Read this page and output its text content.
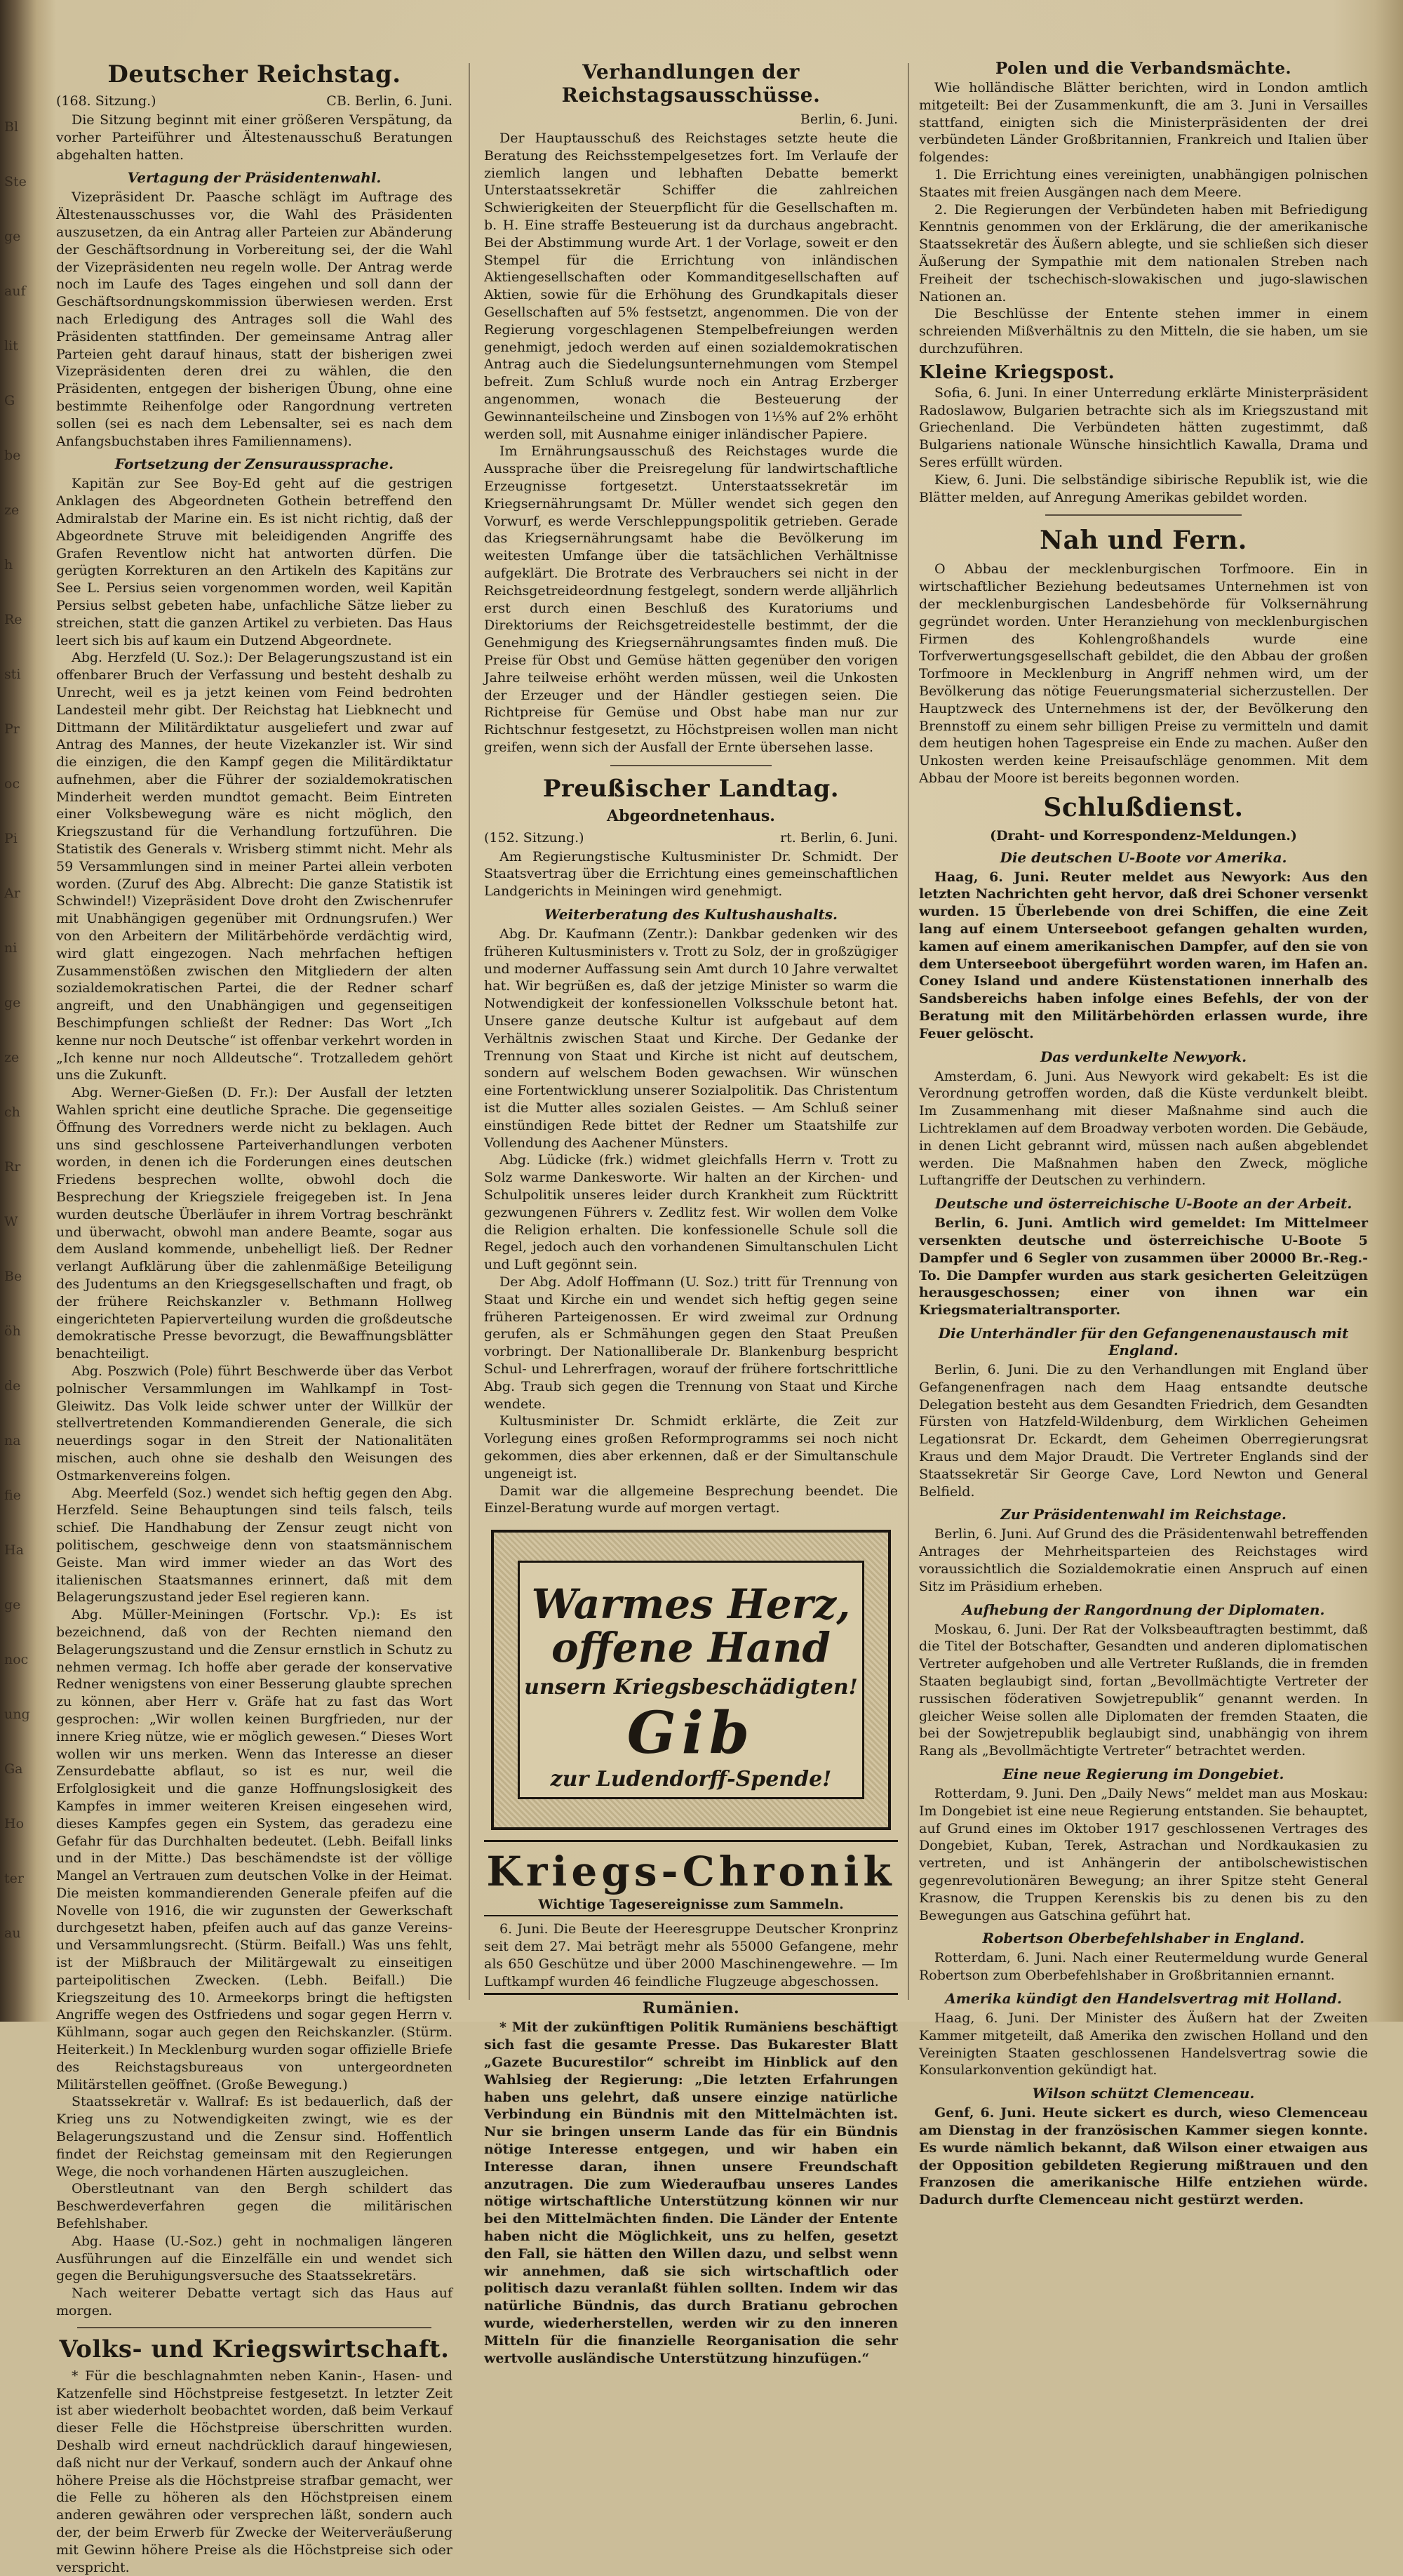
Bl
Ste
ge
auf
lit
G
be
ze
h
Re
sti
Pr
oc
Pi
Ar
ni
ge
ze
ch
Rr
W
Be
öh
de
na
fie
Ha
ge
noc
ung
Ga
Ho
ter
au
Deutscher Reichstag.
(168. Sitzung.)	CB. Berlin, 6. Juni.

Die Sitzung beginnt mit einer größeren Verspätung, da vorher Parteiführer und Ältestenausschuß Beratungen abgehalten hatten.

Vertagung der Präsidentenwahl.

Vizepräsident Dr. Paasche schlägt im Auftrage des Ältestenausschusses vor, die Wahl des Präsidenten auszusetzen, da ein Antrag aller Parteien zur Abänderung der Geschäftsordnung in Vorbereitung sei, der die Wahl der Vizepräsidenten neu regeln wolle. Der Antrag werde noch im Laufe des Tages eingehen und soll dann der Geschäftsordnungskommission überwiesen werden. Erst nach Erledigung des Antrages soll die Wahl des Präsidenten stattfinden. Der gemeinsame Antrag aller Parteien geht darauf hinaus, statt der bisherigen zwei Vizepräsidenten deren drei zu wählen, die den Präsidenten, entgegen der bisherigen Übung, ohne eine bestimmte Reihenfolge oder Rangordnung vertreten sollen (sei es nach dem Lebensalter, sei es nach dem Anfangsbuchstaben ihres Familiennamens).

Fortsetzung der Zensuraussprache.

Kapitän zur See Boy-Ed geht auf die gestrigen Anklagen des Abgeordneten Gothein betreffend den Admiralstab der Marine ein. Es ist nicht richtig, daß der Abgeordnete Struve mit beleidigenden Angriffe des Grafen Reventlow nicht hat antworten dürfen. Die gerügten Korrekturen an den Artikeln des Kapitäns zur See L. Persius seien vorgenommen worden, weil Kapitän Persius selbst gebeten habe, unfachliche Sätze lieber zu streichen, statt die ganzen Artikel zu verbieten. Das Haus leert sich bis auf kaum ein Dutzend Abgeordnete.

Abg. Herzfeld (U. Soz.): Der Belagerungszustand ist ein offenbarer Bruch der Verfassung und besteht deshalb zu Unrecht, weil es ja jetzt keinen vom Feind bedrohten Landesteil mehr gibt. Der Reichstag hat Liebknecht und Dittmann der Militärdiktatur ausgeliefert und zwar auf Antrag des Mannes, der heute Vizekanzler ist. Wir sind die einzigen, die den Kampf gegen die Militärdiktatur aufnehmen, aber die Führer der sozialdemokratischen Minderheit werden mundtot gemacht. Beim Eintreten einer Volksbewegung wäre es nicht möglich, den Kriegszustand für die Verhandlung fortzuführen. Die Statistik des Generals v. Wrisberg stimmt nicht. Mehr als 59 Versammlungen sind in meiner Partei allein verboten worden. (Zuruf des Abg. Albrecht: Die ganze Statistik ist Schwindel!) Vizepräsident Dove droht den Zwischenrufer mit Unabhängigen gegenüber mit Ordnungsrufen.) Wer von den Arbeitern der Militärbehörde verdächtig wird, wird glatt eingezogen. Nach mehrfachen heftigen Zusammenstößen zwischen den Mitgliedern der alten sozialdemokratischen Partei, die der Redner scharf angreift, und den Unabhängigen und gegenseitigen Beschimpfungen schließt der Redner: Das Wort „Ich kenne nur noch Deutsche“ ist offenbar verkehrt worden in „Ich kenne nur noch Alldeutsche“. Trotzalledem gehört uns die Zukunft.

Abg. Werner-Gießen (D. Fr.): Der Ausfall der letzten Wahlen spricht eine deutliche Sprache. Die gegenseitige Öffnung des Vorredners werde nicht zu beklagen. Auch uns sind geschlossene Parteiverhandlungen verboten worden, in denen ich die Forderungen eines deutschen Friedens besprechen wollte, obwohl doch die Besprechung der Kriegsziele freigegeben ist. In Jena wurden deutsche Überläufer in ihrem Vortrag beschränkt und überwacht, obwohl man andere Beamte, sogar aus dem Ausland kommende, unbehelligt ließ. Der Redner verlangt Aufklärung über die zahlenmäßige Beteiligung des Judentums an den Kriegsgesellschaften und fragt, ob der frühere Reichskanzler v. Bethmann Hollweg eingerichteten Papierverteilung wurden die großdeutsche demokratische Presse bevorzugt, die Bewaffnungsblätter benachteiligt.

Abg. Poszwich (Pole) führt Beschwerde über das Verbot polnischer Versammlungen im Wahlkampf in Tost-Gleiwitz. Das Volk leide schwer unter der Willkür der stellvertretenden Kommandierenden Generale, die sich neuerdings sogar in den Streit der Nationalitäten mischen, auch ohne sie deshalb den Weisungen des Ostmarkenvereins folgen.

Abg. Meerfeld (Soz.) wendet sich heftig gegen den Abg. Herzfeld. Seine Behauptungen sind teils falsch, teils schief. Die Handhabung der Zensur zeugt nicht von politischem, geschweige denn von staatsmännischem Geiste. Man wird immer wieder an das Wort des italienischen Staatsmannes erinnert, daß mit dem Belagerungszustand jeder Esel regieren kann.

Abg. Müller-Meiningen (Fortschr. Vp.): Es ist bezeichnend, daß von der Rechten niemand den Belagerungszustand und die Zensur ernstlich in Schutz zu nehmen vermag. Ich hoffe aber gerade der konservative Redner wenigstens von einer Besserung glaubte sprechen zu können, aber Herr v. Gräfe hat zu fast das Wort gesprochen: „Wir wollen keinen Burgfrieden, nur der innere Krieg nütze, wie er möglich gewesen.“ Dieses Wort wollen wir uns merken. Wenn das Interesse an dieser Zensurdebatte abflaut, so ist es nur, weil die Erfolglosigkeit und die ganze Hoffnungslosigkeit des Kampfes in immer weiteren Kreisen eingesehen wird, dieses Kampfes gegen ein System, das geradezu eine Gefahr für das Durchhalten bedeutet. (Lebh. Beifall links und in der Mitte.) Das beschämendste ist der völlige Mangel an Vertrauen zum deutschen Volke in der Heimat. Die meisten kommandierenden Generale pfeifen auf die Novelle von 1916, die wir zugunsten der Gewerkschaft durchgesetzt haben, pfeifen auch auf das ganze Vereins- und Versammlungsrecht. (Stürm. Beifall.) Was uns fehlt, ist der Mißbrauch der Militärgewalt zu einseitigen parteipolitischen Zwecken. (Lebh. Beifall.) Die Kriegszeitung des 10. Armeekorps bringt die heftigsten Angriffe wegen des Ostfriedens und sogar gegen Herrn v. Kühlmann, sogar auch gegen den Reichskanzler. (Stürm. Heiterkeit.) In Mecklenburg wurden sogar offizielle Briefe des Reichstagsbureaus von untergeordneten Militärstellen geöffnet. (Große Bewegung.)

Staatssekretär v. Wallraf: Es ist bedauerlich, daß der Krieg uns zu Notwendigkeiten zwingt, wie es der Belagerungszustand und die Zensur sind. Hoffentlich findet der Reichstag gemeinsam mit den Regierungen Wege, die noch vorhandenen Härten auszugleichen.

Oberstleutnant van den Bergh schildert das Beschwerdeverfahren gegen die militärischen Befehlshaber.

Abg. Haase (U.-Soz.) geht in nochmaligen längeren Ausführungen auf die Einzelfälle ein und wendet sich gegen die Beruhigungsversuche des Staatssekretärs.

Nach weiterer Debatte vertagt sich das Haus auf morgen.

Volks- und Kriegswirtschaft.

* Für die beschlagnahmten neben Kanin-, Hasen- und Katzenfelle sind Höchstpreise festgesetzt. In letzter Zeit ist aber wiederholt beobachtet worden, daß beim Verkauf dieser Felle die Höchstpreise überschritten wurden. Deshalb wird erneut nachdrücklich darauf hingewiesen, daß nicht nur der Verkauf, sondern auch der Ankauf ohne höhere Preise als die Höchstpreise strafbar gemacht, wer die Felle zu höheren als den Höchstpreisen einem anderen gewähren oder versprechen läßt, sondern auch der, der beim Erwerb für Zwecke der Weiterveräußerung mit Gewinn höhere Preise als die Höchstpreise sich oder verspricht.

Verhandlungen der Reichstagsausschüsse.
Berlin, 6. Juni.

Der Hauptausschuß des Reichstages setzte heute die Beratung des Reichsstempelgesetzes fort. Im Verlaufe der ziemlich langen und lebhaften Debatte bemerkt Unterstaatssekretär Schiffer die zahlreichen Schwierigkeiten der Steuerpflicht für die Gesellschaften m. b. H. Eine straffe Besteuerung ist da durchaus angebracht. Bei der Abstimmung wurde Art. 1 der Vorlage, soweit er den Stempel für die Errichtung von inländischen Aktiengesellschaften oder Kommanditgesellschaften auf Aktien, sowie für die Erhöhung des Grundkapitals dieser Gesellschaften auf 5% festsetzt, angenommen. Die von der Regierung vorgeschlagenen Stempelbefreiungen werden genehmigt, jedoch werden auf einen sozialdemokratischen Antrag auch die Siedelungsunternehmungen vom Stempel befreit. Zum Schluß wurde noch ein Antrag Erzberger angenommen, wonach die Besteuerung der Gewinnanteilscheine und Zinsbogen von 1⅓% auf 2% erhöht werden soll, mit Ausnahme einiger inländischer Papiere.

Im Ernährungsausschuß des Reichstages wurde die Aussprache über die Preisregelung für landwirtschaftliche Erzeugnisse fortgesetzt. Unterstaatssekretär im Kriegsernährungsamt Dr. Müller wendet sich gegen den Vorwurf, es werde Verschleppungspolitik getrieben. Gerade das Kriegsernährungsamt habe die Bevölkerung im weitesten Umfange über die tatsächlichen Verhältnisse aufgeklärt. Die Brotrate des Verbrauchers sei nicht in der Reichsgetreideordnung festgelegt, sondern werde alljährlich erst durch einen Beschluß des Kuratoriums und Direktoriums der Reichsgetreidestelle bestimmt, der die Genehmigung des Kriegsernährungsamtes finden muß. Die Preise für Obst und Gemüse hätten gegenüber den vorigen Jahre teilweise erhöht werden müssen, weil die Unkosten der Erzeuger und der Händler gestiegen seien. Die Richtpreise für Gemüse und Obst habe man nur zur Richtschnur festgesetzt, zu Höchstpreisen wollen man nicht greifen, wenn sich der Ausfall der Ernte übersehen lasse.

Preußischer Landtag.
Abgeordnetenhaus.
(152. Sitzung.)	rt. Berlin, 6. Juni.

Am Regierungstische Kultusminister Dr. Schmidt. Der Staatsvertrag über die Errichtung eines gemeinschaftlichen Landgerichts in Meiningen wird genehmigt.

Weiterberatung des Kultushaushalts.

Abg. Dr. Kaufmann (Zentr.): Dankbar gedenken wir des früheren Kultusministers v. Trott zu Solz, der in großzügiger und moderner Auffassung sein Amt durch 10 Jahre verwaltet hat. Wir begrüßen es, daß der jetzige Minister so warm die Notwendigkeit der konfessionellen Volksschule betont hat. Unsere ganze deutsche Kultur ist aufgebaut auf dem Verhältnis zwischen Staat und Kirche. Der Gedanke der Trennung von Staat und Kirche ist nicht auf deutschem, sondern auf welschem Boden gewachsen. Wir wünschen eine Fortentwicklung unserer Sozialpolitik. Das Christentum ist die Mutter alles sozialen Geistes. — Am Schluß seiner einstündigen Rede bittet der Redner um Staatshilfe zur Vollendung des Aachener Münsters.

Abg. Lüdicke (frk.) widmet gleichfalls Herrn v. Trott zu Solz warme Dankesworte. Wir halten an der Kirchen- und Schulpolitik unseres leider durch Krankheit zum Rücktritt gezwungenen Führers v. Zedlitz fest. Wir wollen dem Volke die Religion erhalten. Die konfessionelle Schule soll die Regel, jedoch auch den vorhandenen Simultanschulen Licht und Luft gegönnt sein.

Der Abg. Adolf Hoffmann (U. Soz.) tritt für Trennung von Staat und Kirche ein und wendet sich heftig gegen seine früheren Parteigenossen. Er wird zweimal zur Ordnung gerufen, als er Schmähungen gegen den Staat Preußen vorbringt. Der Nationalliberale Dr. Blankenburg bespricht Schul- und Lehrerfragen, worauf der frühere fortschrittliche Abg. Traub sich gegen die Trennung von Staat und Kirche wendete.

Kultusminister Dr. Schmidt erklärte, die Zeit zur Vorlegung eines großen Reformprogramms sei noch nicht gekommen, dies aber erkennen, daß er der Simultanschule ungeneigt ist.

Damit war die allgemeine Besprechung beendet. Die Einzel-Beratung wurde auf morgen vertagt.

Warmes Herz,
offene Hand
unsern Kriegsbeschädigten!
Gib
zur Ludendorff-Spende!
Kriegs-Chronik
Wichtige Tagesereignisse zum Sammeln.

6. Juni. Die Beute der Heeresgruppe Deutscher Kronprinz seit dem 27. Mai beträgt mehr als 55000 Gefangene, mehr als 650 Geschütze und über 2000 Maschinengewehre. — Im Luftkampf wurden 46 feindliche Flugzeuge abgeschossen.

Rumänien.

* Mit der zukünftigen Politik Rumäniens beschäftigt sich fast die gesamte Presse. Das Bukarester Blatt „Gazete Bucurestilor“ schreibt im Hinblick auf den Wahlsieg der Regierung: „Die letzten Erfahrungen haben uns gelehrt, daß unsere einzige natürliche Verbindung ein Bündnis mit den Mittelmächten ist. Nur sie bringen unserm Lande das für ein Bündnis nötige Interesse entgegen, und wir haben ein Interesse daran, ihnen unsere Freundschaft anzutragen. Die zum Wiederaufbau unseres Landes nötige wirtschaftliche Unterstützung können wir nur bei den Mittelmächten finden. Die Länder der Entente haben nicht die Möglichkeit, uns zu helfen, gesetzt den Fall, sie hätten den Willen dazu, und selbst wenn wir annehmen, daß sie sich wirtschaftlich oder politisch dazu veranlaßt fühlen sollten. Indem wir das natürliche Bündnis, das durch Bratianu gebrochen wurde, wiederherstellen, werden wir zu den inneren Mitteln für die finanzielle Reorganisation die sehr wertvolle ausländische Unterstützung hinzufügen.“

Polen und die Verbandsmächte.

Wie holländische Blätter berichten, wird in London amtlich mitgeteilt: Bei der Zusammenkunft, die am 3. Juni in Versailles stattfand, einigten sich die Ministerpräsidenten der drei verbündeten Länder Großbritannien, Frankreich und Italien über folgendes:

1. Die Errichtung eines vereinigten, unabhängigen polnischen Staates mit freien Ausgängen nach dem Meere.

2. Die Regierungen der Verbündeten haben mit Befriedigung Kenntnis genommen von der Erklärung, die der amerikanische Staatssekretär des Äußern ablegte, und sie schließen sich dieser Äußerung der Sympathie mit dem nationalen Streben nach Freiheit der tschechisch-slowakischen und jugo-slawischen Nationen an.

Die Beschlüsse der Entente stehen immer in einem schreienden Mißverhältnis zu den Mitteln, die sie haben, um sie durchzuführen.

Kleine Kriegspost.

Sofia, 6. Juni. In einer Unterredung erklärte Ministerpräsident Radoslawow, Bulgarien betrachte sich als im Kriegszustand mit Griechenland. Die Verbündeten hätten zugestimmt, daß Bulgariens nationale Wünsche hinsichtlich Kawalla, Drama und Seres erfüllt würden.

Kiew, 6. Juni. Die selbständige sibirische Republik ist, wie die Blätter melden, auf Anregung Amerikas gebildet worden.

Nah und Fern.

O Abbau der mecklenburgischen Torfmoore. Ein in wirtschaftlicher Beziehung bedeutsames Unternehmen ist von der mecklenburgischen Landesbehörde für Volksernährung gegründet worden. Unter Heranziehung von mecklenburgischen Firmen des Kohlengroßhandels wurde eine Torfverwertungsgesellschaft gebildet, die den Abbau der großen Torfmoore in Mecklenburg in Angriff nehmen wird, um der Bevölkerung das nötige Feuerungsmaterial sicherzustellen. Der Hauptzweck des Unternehmens ist der, der Bevölkerung den Brennstoff zu einem sehr billigen Preise zu vermitteln und damit dem heutigen hohen Tagespreise ein Ende zu machen. Außer den Unkosten werden keine Preisaufschläge genommen. Mit dem Abbau der Moore ist bereits begonnen worden.

Schlußdienst.
(Draht- und Korrespondenz-Meldungen.)
Die deutschen U-Boote vor Amerika.

Haag, 6. Juni. Reuter meldet aus Newyork: Aus den letzten Nachrichten geht hervor, daß drei Schoner versenkt wurden. 15 Überlebende von drei Schiffen, die eine Zeit lang auf einem Unterseeboot gefangen gehalten wurden, kamen auf einem amerikanischen Dampfer, auf den sie von dem Unterseeboot übergeführt worden waren, im Hafen an. Coney Island und andere Küstenstationen innerhalb des Sandsbereichs haben infolge eines Befehls, der von der Beratung mit den Militärbehörden erlassen wurde, ihre Feuer gelöscht.

Das verdunkelte Newyork.

Amsterdam, 6. Juni. Aus Newyork wird gekabelt: Es ist die Verordnung getroffen worden, daß die Küste verdunkelt bleibt. Im Zusammenhang mit dieser Maßnahme sind auch die Lichtreklamen auf dem Broadway verboten worden. Die Gebäude, in denen Licht gebrannt wird, müssen nach außen abgeblendet werden. Die Maßnahmen haben den Zweck, mögliche Luftangriffe der Deutschen zu verhindern.

Deutsche und österreichische U-Boote an der Arbeit.

Berlin, 6. Juni. Amtlich wird gemeldet: Im Mittelmeer versenkten deutsche und österreichische U-Boote 5 Dampfer und 6 Segler von zusammen über 20000 Br.-Reg.-To. Die Dampfer wurden aus stark gesicherten Geleitzügen herausgeschossen; einer von ihnen war ein Kriegsmaterialtransporter.

Die Unterhändler für den Gefangenenaustausch mit England.

Berlin, 6. Juni. Die zu den Verhandlungen mit England über Gefangenenfragen nach dem Haag entsandte deutsche Delegation besteht aus dem Gesandten Friedrich, dem Gesandten Fürsten von Hatzfeld-Wildenburg, dem Wirklichen Geheimen Legationsrat Dr. Eckardt, dem Geheimen Oberregierungsrat Kraus und dem Major Draudt. Die Vertreter Englands sind der Staatssekretär Sir George Cave, Lord Newton und General Belfield.

Zur Präsidentenwahl im Reichstage.

Berlin, 6. Juni. Auf Grund des die Präsidentenwahl betreffenden Antrages der Mehrheitsparteien des Reichstages wird voraussichtlich die Sozialdemokratie einen Anspruch auf einen Sitz im Präsidium erheben.

Aufhebung der Rangordnung der Diplomaten.

Moskau, 6. Juni. Der Rat der Volksbeauftragten bestimmt, daß die Titel der Botschafter, Gesandten und anderen diplomatischen Vertreter aufgehoben und alle Vertreter Rußlands, die in fremden Staaten beglaubigt sind, fortan „Bevollmächtigte Vertreter der russischen föderativen Sowjetrepublik“ genannt werden. In gleicher Weise sollen alle Diplomaten der fremden Staaten, die bei der Sowjetrepublik beglaubigt sind, unabhängig von ihrem Rang als „Bevollmächtigte Vertreter“ betrachtet werden.

Eine neue Regierung im Dongebiet.

Rotterdam, 9. Juni. Den „Daily News“ meldet man aus Moskau: Im Dongebiet ist eine neue Regierung entstanden. Sie behauptet, auf Grund eines im Oktober 1917 geschlossenen Vertrages des Dongebiet, Kuban, Terek, Astrachan und Nordkaukasien zu vertreten, und ist Anhängerin der antibolschewistischen gegenrevolutionären Bewegung; an ihrer Spitze steht General Krasnow, die Truppen Kerenskis bis zu denen bis zu den Bewegungen aus Gatschina geführt hat.

Robertson Oberbefehlshaber in England.

Rotterdam, 6. Juni. Nach einer Reutermeldung wurde General Robertson zum Oberbefehlshaber in Großbritannien ernannt.

Amerika kündigt den Handelsvertrag mit Holland.

Haag, 6. Juni. Der Minister des Äußern hat der Zweiten Kammer mitgeteilt, daß Amerika den zwischen Holland und den Vereinigten Staaten geschlossenen Handelsvertrag sowie die Konsularkonvention gekündigt hat.

Wilson schützt Clemenceau.

Genf, 6. Juni. Heute sickert es durch, wieso Clemenceau am Dienstag in der französischen Kammer siegen konnte. Es wurde nämlich bekannt, daß Wilson einer etwaigen aus der Opposition gebildeten Regierung mißtrauen und den Franzosen die amerikanische Hilfe entziehen würde. Dadurch durfte Clemenceau nicht gestürzt werden.
